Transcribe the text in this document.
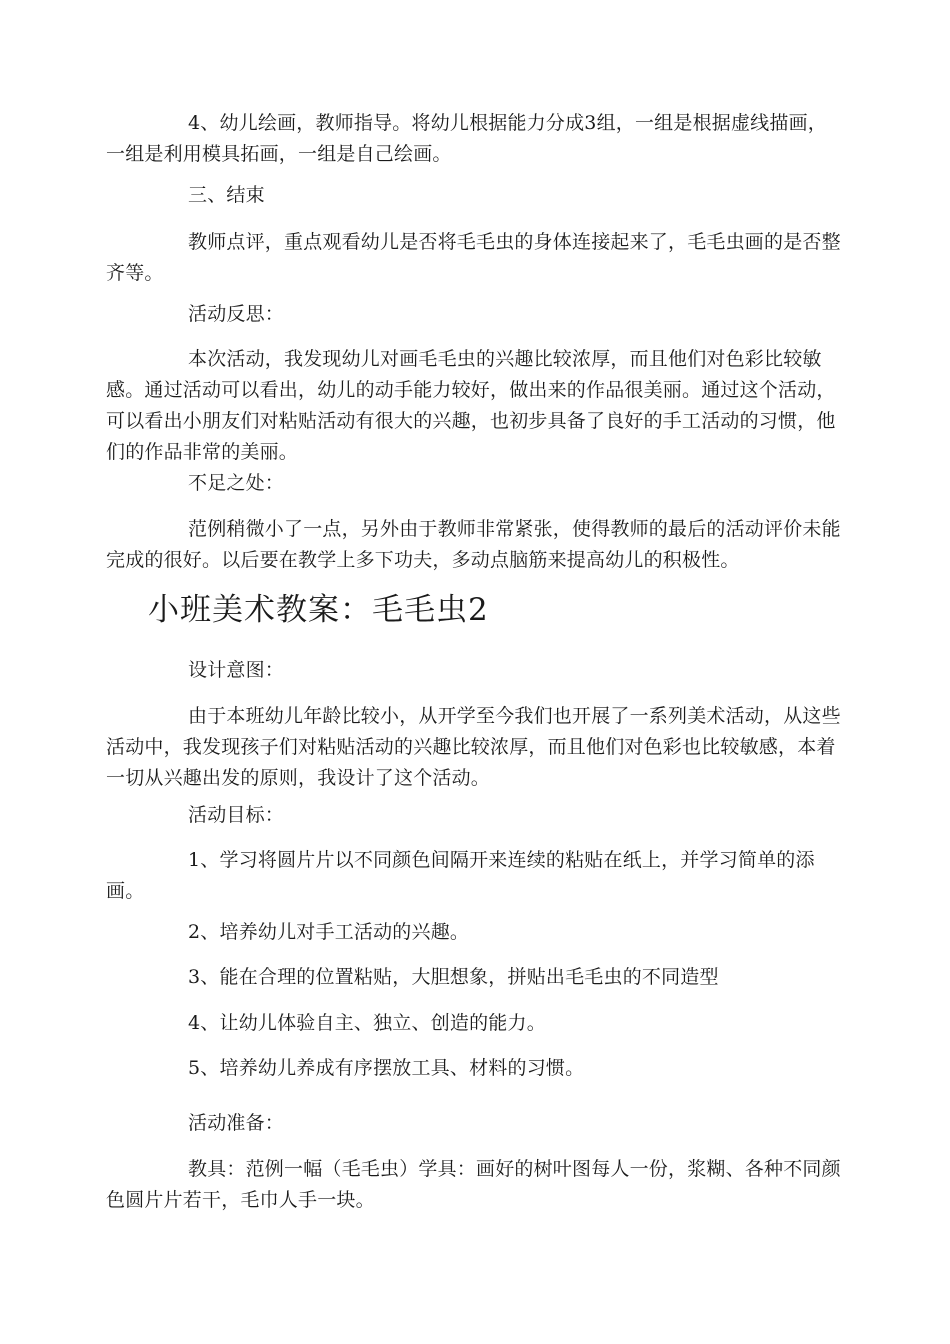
4、幼儿绘画，教师指导。将幼儿根据能力分成3组，一组是根据虚线描画，一组是利用模具拓画，一组是自己绘画。

三、结束

教师点评，重点观看幼儿是否将毛毛虫的身体连接起来了，毛毛虫画的是否整齐等。

活动反思：

本次活动，我发现幼儿对画毛毛虫的兴趣比较浓厚，而且他们对色彩比较敏感。通过活动可以看出，幼儿的动手能力较好，做出来的作品很美丽。通过这个活动，可以看出小朋友们对粘贴活动有很大的兴趣，也初步具备了良好的手工活动的习惯，他们的作品非常的美丽。

不足之处：

范例稍微小了一点，另外由于教师非常紧张，使得教师的最后的活动评价未能完成的很好。以后要在教学上多下功夫，多动点脑筋来提高幼儿的积极性。

小班美术教案：毛毛虫2

设计意图：

由于本班幼儿年龄比较小，从开学至今我们也开展了一系列美术活动，从这些活动中，我发现孩子们对粘贴活动的兴趣比较浓厚，而且他们对色彩也比较敏感，本着一切从兴趣出发的原则，我设计了这个活动。

活动目标：

1、学习将圆片片以不同颜色间隔开来连续的粘贴在纸上，并学习简单的添画。

2、培养幼儿对手工活动的兴趣。

3、能在合理的位置粘贴，大胆想象，拼贴出毛毛虫的不同造型

4、让幼儿体验自主、独立、创造的能力。

5、培养幼儿养成有序摆放工具、材料的习惯。

活动准备：

教具：范例一幅（毛毛虫）学具：画好的树叶图每人一份，浆糊、各种不同颜色圆片片若干，毛巾人手一块。
